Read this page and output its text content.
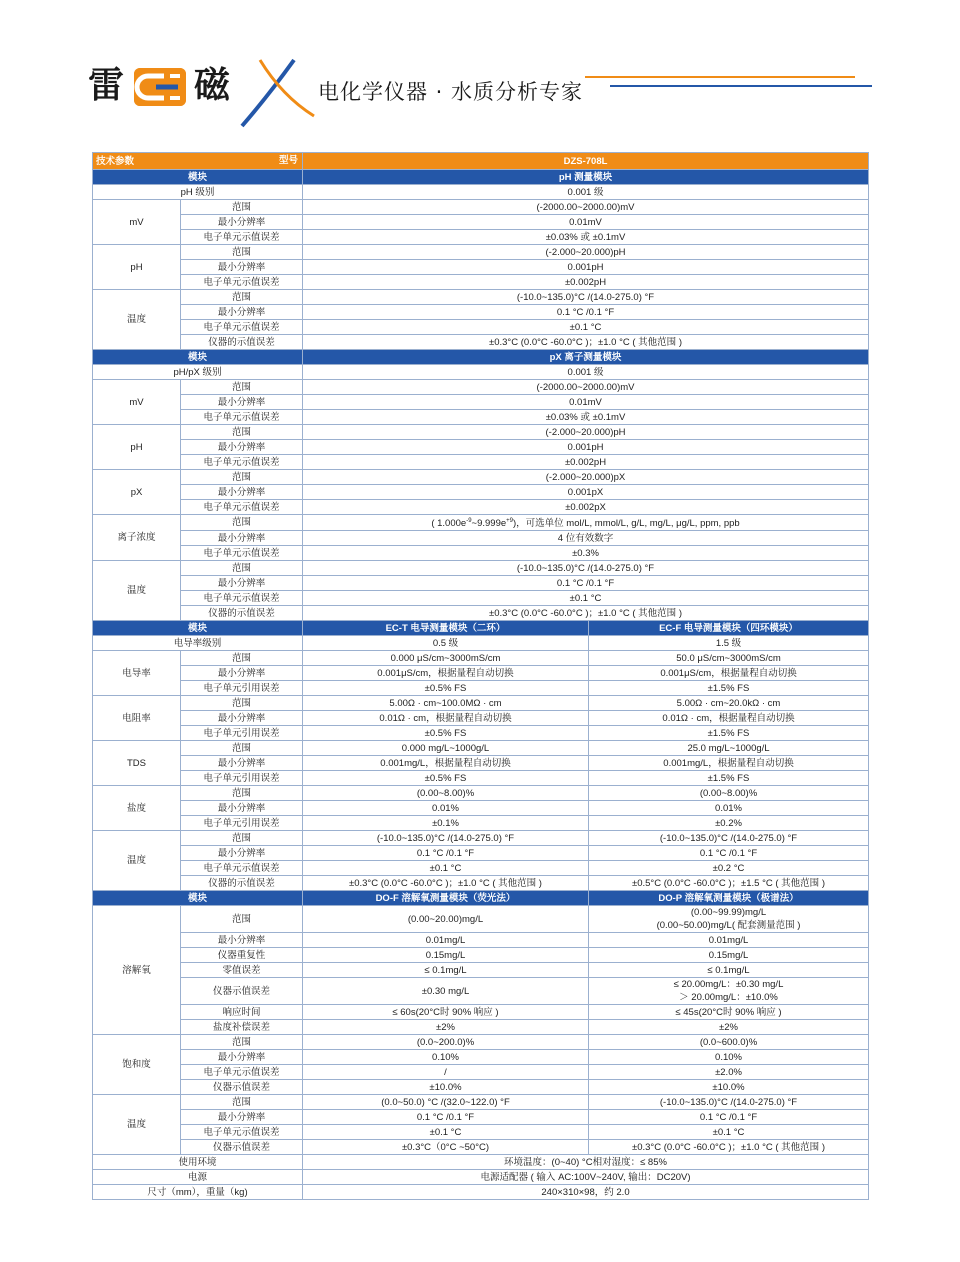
雷 磁	电化学仪器 · 水质分析专家
型号
技术参数		DZS-708L	
模块		pH 测量模块	
pH 级别		0.001 级	
mV	范围	(-2000.00~2000.00)mV	
	最小分辨率	0.01mV	
	电子单元示值误差	±0.03% 或 ±0.1mV	
pH	范围	(-2.000~20.000)pH	
	最小分辨率	0.001pH	
	电子单元示值误差	±0.002pH	
温度	范围	(-10.0~135.0)°C /(14.0-275.0) °F	
	最小分辨率	0.1 °C /0.1 °F	
	电子单元示值误差	±0.1 °C	
	仪器的示值误差	±0.3°C (0.0°C -60.0°C )；±1.0 °C ( 其他范围 )	
模块		pX 离子测量模块	
pH/pX 级别		0.001 级	
mV	范围	(-2000.00~2000.00)mV	
	最小分辨率	0.01mV	
	电子单元示值误差	±0.03% 或 ±0.1mV	
pH	范围	(-2.000~20.000)pH	
	最小分辨率	0.001pH	
	电子单元示值误差	±0.002pH	
pX	范围	(-2.000~20.000)pX	
	最小分辨率	0.001pX	
	电子单元示值误差	±0.002pX	
离子浓度	范围	( $1.000e^{-9}\sim 9.999e^{+9}$)，可选单位 mol/L, mmol/L, g/L, mg/L, μg/L, ppm, ppb	
	最小分辨率	4 位有效数字	
	电子单元示值误差	±0.3%	
温度	范围	(-10.0~135.0)°C /(14.0-275.0) °F	
	最小分辨率	0.1 °C /0.1 °F	
	电子单元示值误差	±0.1 °C	
	仪器的示值误差	±0.3°C (0.0°C -60.0°C )；±1.0 °C ( 其他范围 )	
模块		EC-T 电导测量模块（二环）	EC-F 电导测量模块（四环模块）
电导率级别		0.5 级	1.5 级
电导率	范围	0.000 μS/cm~3000mS/cm	50.0 μS/cm~3000mS/cm
	最小分辨率	0.001μS/cm，根据量程自动切换	0.001μS/cm，根据量程自动切换
	电子单元引用误差	±0.5% FS	±1.5% FS
电阻率	范围	5.00Ω · cm~100.0MΩ · cm	5.00Ω · cm~20.0kΩ · cm
	最小分辨率	0.01Ω · cm，根据量程自动切换	0.01Ω · cm，根据量程自动切换
	电子单元引用误差	±0.5% FS	±1.5% FS
TDS	范围	0.000 mg/L~1000g/L	25.0 mg/L~1000g/L
	最小分辨率	0.001mg/L，根据量程自动切换	0.001mg/L，根据量程自动切换
	电子单元引用误差	±0.5% FS	±1.5% FS
盐度	范围	(0.00~8.00)%	(0.00~8.00)%
	最小分辨率	0.01%	0.01%
	电子单元引用误差	±0.1%	±0.2%
温度	范围	(-10.0~135.0)°C /(14.0-275.0) °F	(-10.0~135.0)°C /(14.0-275.0) °F
	最小分辨率	0.1 °C /0.1 °F	0.1 °C /0.1 °F
	电子单元示值误差	±0.1 °C	±0.2 °C
	仪器的示值误差	±0.3°C (0.0°C -60.0°C )；±1.0 °C ( 其他范围 )	±0.5°C (0.0°C -60.0°C )；±1.5 °C ( 其他范围 )
模块		DO-F 溶解氧测量模块（荧光法）	DO-P 溶解氧测量模块（极谱法）
溶解氧	范围	(0.00~20.00)mg/L	(0.00~99.99)mg/L
(0.00~50.00)mg/L( 配套测量范围 )

	最小分辨率	0.01mg/L	0.01mg/L
	仪器重复性	0.15mg/L	0.15mg/L
	零值误差	≤ 0.1mg/L	≤ 0.1mg/L
	仪器示值误差	±0.30 mg/L	≤ 20.00mg/L：±0.30 mg/L
＞ 20.00mg/L：±10.0%

	响应时间	≤ 60s(20°C时 90% 响应 )	≤ 45s(20°C时 90% 响应 )
	盐度补偿误差	±2%	±2%
饱和度	范围	(0.0~200.0)%	(0.0~600.0)%
	最小分辨率	0.10%	0.10%
	电子单元示值误差	/	±2.0%
	仪器示值误差	±10.0%	±10.0%
温度	范围	(0.0~50.0) °C /(32.0~122.0) °F	(-10.0~135.0)°C /(14.0-275.0) °F
	最小分辨率	0.1 °C /0.1 °F	0.1 °C /0.1 °F
	电子单元示值误差	±0.1 °C	±0.1 °C
	仪器示值误差	±0.3°C（0°C ~50°C)	±0.3°C (0.0°C -60.0°C )；±1.0 °C ( 其他范围 )
使用环境		环境温度：(0~40) °C相对湿度：≤ 85%	
电源		电源适配器 ( 输入 AC:100V~240V, 输出：DC20V)	
尺寸（mm），重量（kg)		240×310×98，约 2.0	
